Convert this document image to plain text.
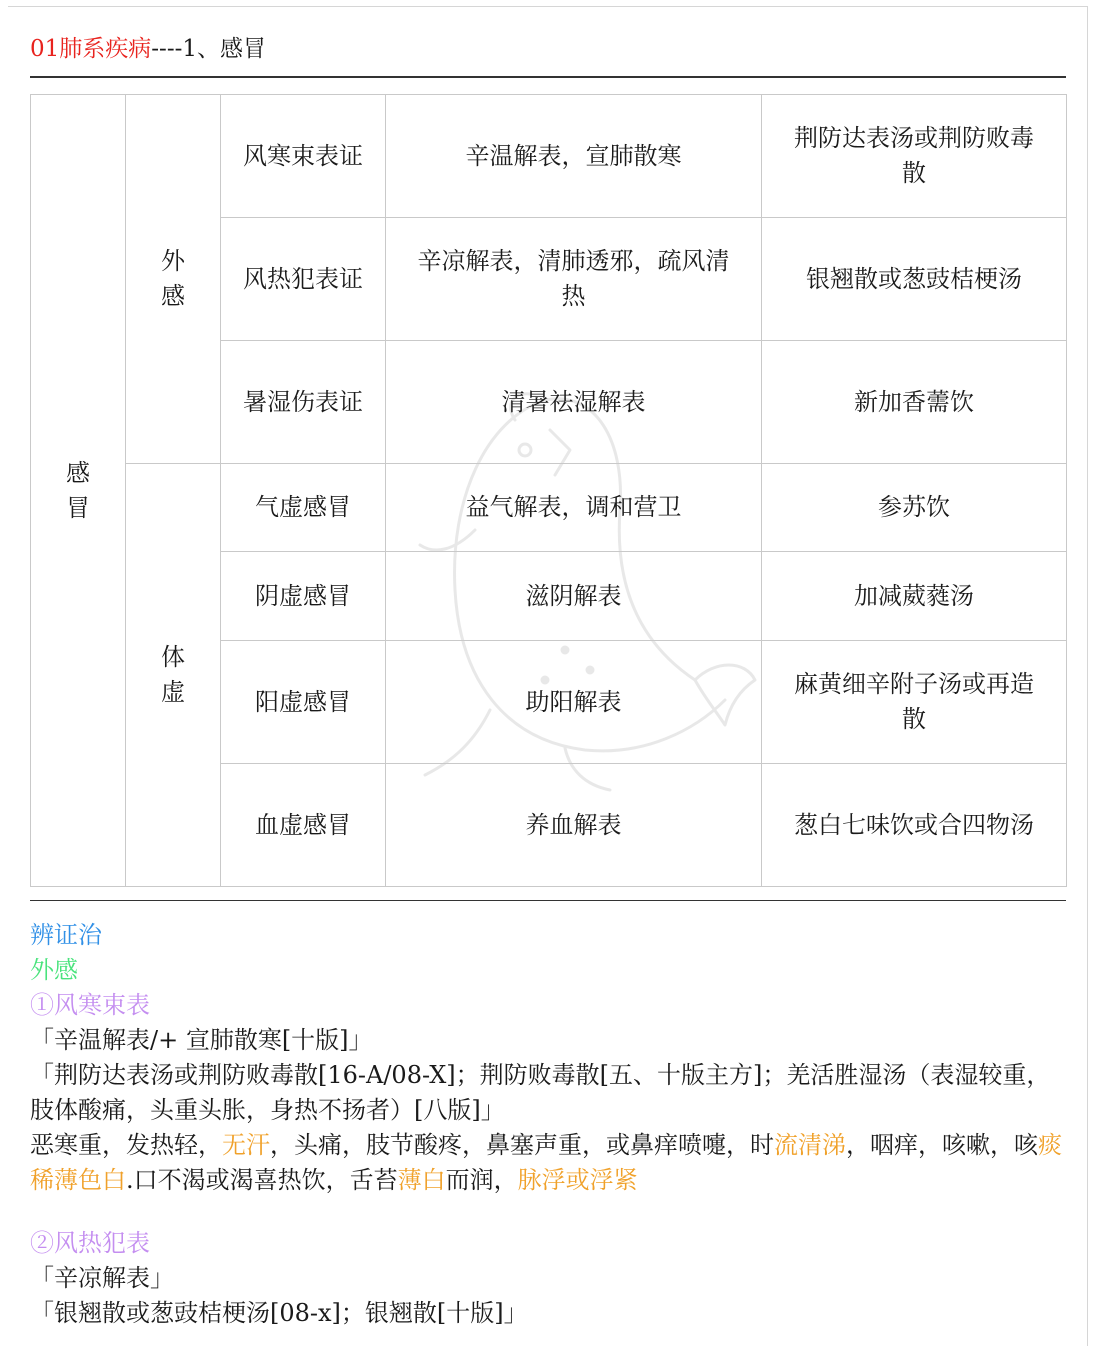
01肺系疾病----1、感冒
感冒	外感	风寒束表证	辛温解表，宣肺散寒	荆防达表汤或荆防败毒散
		风热犯表证	辛凉解表，清肺透邪，疏风清热	银翘散或葱豉桔梗汤
		暑湿伤表证	清暑祛湿解表	新加香薷饮

	体虚	气虚感冒	益气解表，调和营卫	参苏饮
		阴虚感冒	滋阴解表	加减葳蕤汤
		阳虚感冒	助阳解表	麻黄细辛附子汤或再造散
		血虚感冒	养血解表	葱白七味饮或合四物汤

辨证治

外感

①风寒束表

「辛温解表/+ 宣肺散寒[十版]」

「荆防达表汤或荆防败毒散[16-A/08-X]；荆防败毒散[五、十版主方]；羌活胜湿汤（表湿较重，肢体酸痛，头重头胀，身热不扬者）[八版]」

恶寒重，发热轻，无汗，头痛，肢节酸疼，鼻塞声重，或鼻痒喷嚏，时流清涕，咽痒，咳嗽，咳痰稀薄色白.口不渴或渴喜热饮，舌苔薄白而润，脉浮或浮紧

②风热犯表

「辛凉解表」

「银翘散或葱豉桔梗汤[08-x]；银翘散[十版]」
